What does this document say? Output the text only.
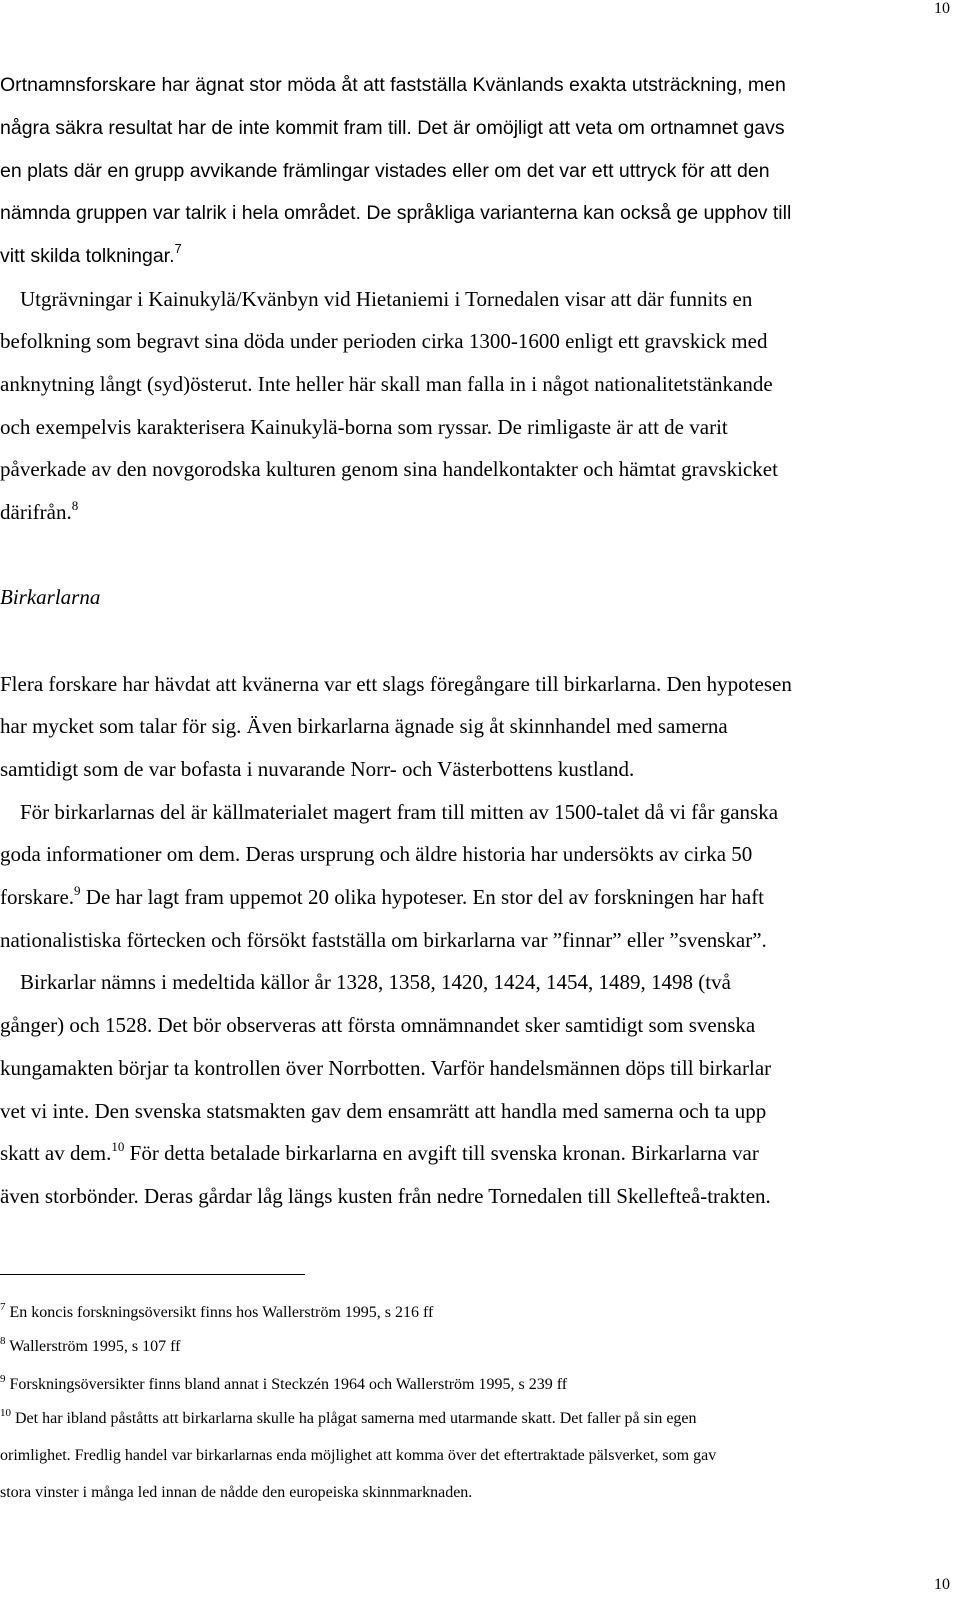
10
Ortnamnsforskare har ägnat stor möda åt att fastställa Kvänlands exakta utsträckning, men
några säkra resultat har de inte kommit fram till. Det är omöjligt att veta om ortnamnet gavs
en plats där en grupp avvikande främlingar vistades eller om det var ett uttryck för att den
nämnda gruppen var talrik i hela området. De språkliga varianterna kan också ge upphov till
vitt skilda tolkningar.$^7$
Utgrävningar i Kainukylä/Kvänbyn vid Hietaniemi i Tornedalen visar att där funnits en
befolkning som begravt sina döda under perioden cirka 1300-1600 enligt ett gravskick med
anknytning långt (syd)österut. Inte heller här skall man falla in i något nationalitetstänkande
och exempelvis karakterisera Kainukylä-borna som ryssar. De rimligaste är att de varit
påverkade av den novgorodska kulturen genom sina handelkontakter och hämtat gravskicket
därifrån.$^8$
Birkarlarna
Flera forskare har hävdat att kvänerna var ett slags föregångare till birkarlarna. Den hypotesen
har mycket som talar för sig. Även birkarlarna ägnade sig åt skinnhandel med samerna
samtidigt som de var bofasta i nuvarande Norr- och Västerbottens kustland.
För birkarlarnas del är källmaterialet magert fram till mitten av 1500-talet då vi får ganska
goda informationer om dem. Deras ursprung och äldre historia har undersökts av cirka 50
forskare.$^9$ De har lagt fram uppemot 20 olika hypoteser. En stor del av forskningen har haft
nationalistiska förtecken och försökt fastställa om birkarlarna var ”finnar” eller ”svenskar”.
Birkarlar nämns i medeltida källor år 1328, 1358, 1420, 1424, 1454, 1489, 1498 (två
gånger) och 1528. Det bör observeras att första omnämnandet sker samtidigt som svenska
kungamakten börjar ta kontrollen över Norrbotten. Varför handelsmännen döps till birkarlar
vet vi inte. Den svenska statsmakten gav dem ensamrätt att handla med samerna och ta upp
skatt av dem.$^{10}$ För detta betalade birkarlarna en avgift till svenska kronan. Birkarlarna var
även storbönder. Deras gårdar låg längs kusten från nedre Tornedalen till Skellefteå-trakten.
$^7$ En koncis forskningsöversikt finns hos Wallerström 1995, s 216 ff
$^8$ Wallerström 1995, s 107 ff
$^9$ Forskningsöversikter finns bland annat i Steckzén 1964 och Wallerström 1995, s 239 ff
$^{10}$ Det har ibland påståtts att birkarlarna skulle ha plågat samerna med utarmande skatt. Det faller på sin egen
orimlighet. Fredlig handel var birkarlarnas enda möjlighet att komma över det eftertraktade pälsverket, som gav
stora vinster i många led innan de nådde den europeiska skinnmarknaden.
10
